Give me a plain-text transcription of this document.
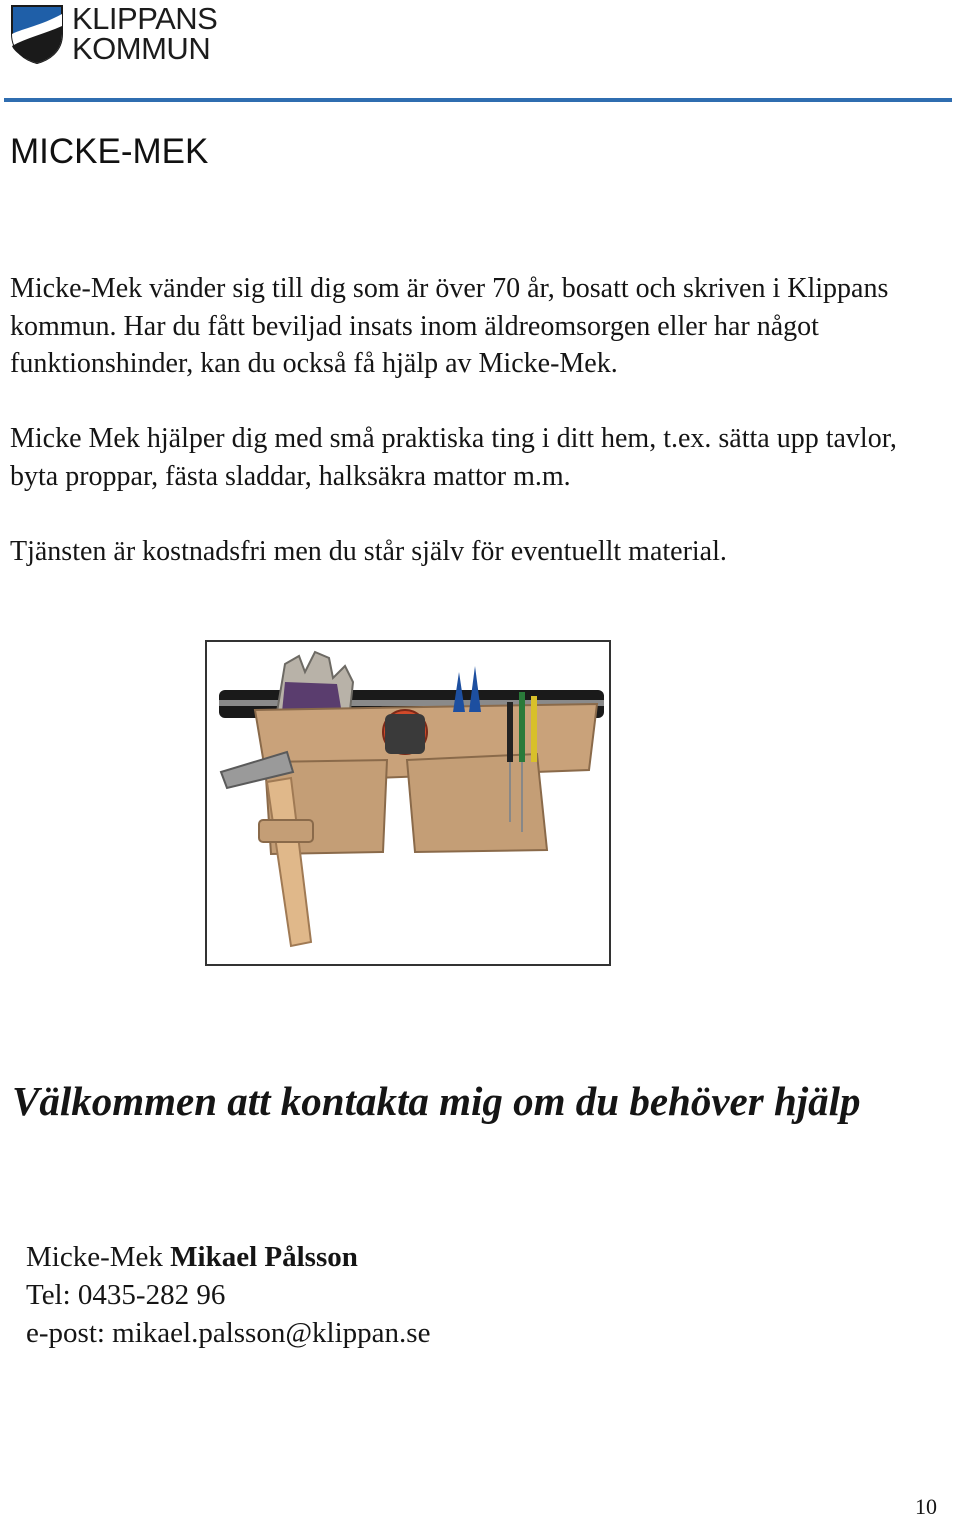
KLIPPANS
KOMMUN
MICKE-MEK

Micke-Mek vänder sig till dig som är över 70 år, bosatt och skriven i Klippans kommun. Har du fått beviljad insats inom äldreomsorgen eller har något funktionshinder, kan du också få hjälp av Micke-Mek.

Micke Mek hjälper dig med små praktiska ting i ditt hem, t.ex. sätta upp tavlor, byta proppar, fästa sladdar, halksäkra mattor m.m.

Tjänsten är kostnadsfri men du står själv för eventuellt material.

Välkommen att kontakta mig om du behöver hjälp
Micke-Mek Mikael Pålsson
Tel: 0435-282 96
e-post: mikael.palsson@klippan.se
10
